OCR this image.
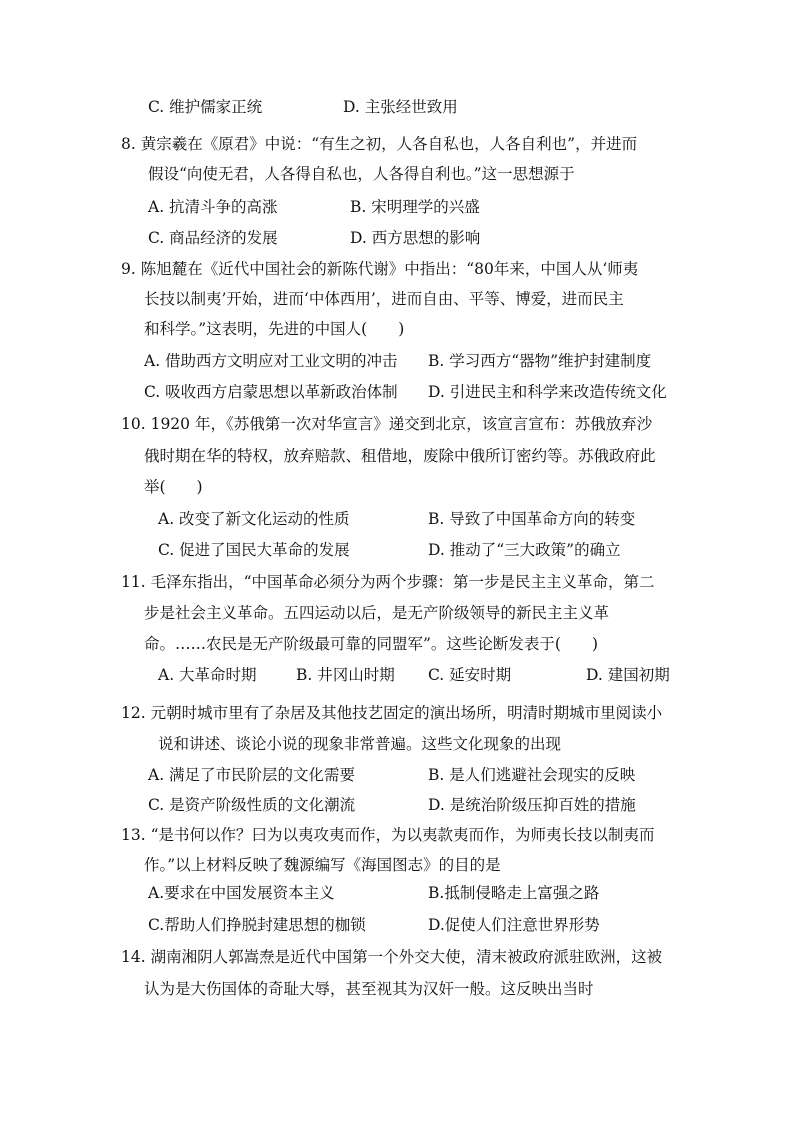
C. 维护儒家正统	D. 主张经世致用
8. 黄宗羲在《原君》中说：“有生之初，人各自私也，人各自利也”，并进而
假设“向使无君，人各得自私也，人各得自利也。”这一思想源于
A. 抗清斗争的高涨	B. 宋明理学的兴盛
C. 商品经济的发展	D. 西方思想的影响
9. 陈旭麓在《近代中国社会的新陈代谢》中指出：“80年来，中国人从‘师夷
长技以制夷’开始，进而‘中体西用’，进而自由、平等、博爱，进而民主
和科学。”这表明，先进的中国人(　　)
A. 借助西方文明应对工业文明的冲击 B. 学习西方“器物”维护封建制度
C. 吸收西方启蒙思想以革新政治体制 D. 引进民主和科学来改造传统文化
10. 1920 年，《苏俄第一次对华宣言》递交到北京，该宣言宣布：苏俄放弃沙
俄时期在华的特权，放弃赔款、租借地，废除中俄所订密约等。苏俄政府此
举(　　)
A. 改变了新文化运动的性质	B. 导致了中国革命方向的转变
C. 促进了国民大革命的发展	D. 推动了“三大政策”的确立
11. 毛泽东指出，“中国革命必须分为两个步骤：第一步是民主主义革命，第二
步是社会主义革命。五四运动以后，是无产阶级领导的新民主主义革
命。……农民是无产阶级最可靠的同盟军”。这些论断发表于(　　)
A. 大革命时期	B. 井冈山时期 C. 延安时期	D. 建国初期
12. 元朝时城市里有了杂居及其他技艺固定的演出场所，明清时期城市里阅读小
说和讲述、谈论小说的现象非常普遍。这些文化现象的出现
A. 满足了市民阶层的文化需要	B. 是人们逃避社会现实的反映
C. 是资产阶级性质的文化潮流	D. 是统治阶级压抑百姓的措施
13. “是书何以作？曰为以夷攻夷而作，为以夷款夷而作，为师夷长技以制夷而
作。”以上材料反映了魏源编写《海国图志》的目的是
A.要求在中国发展资本主义	B.抵制侵略走上富强之路
C.帮助人们挣脱封建思想的枷锁	D.促使人们注意世界形势
14. 湖南湘阴人郭嵩焘是近代中国第一个外交大使，清末被政府派驻欧洲，这被
认为是大伤国体的奇耻大辱，甚至视其为汉奸一般。这反映出当时
